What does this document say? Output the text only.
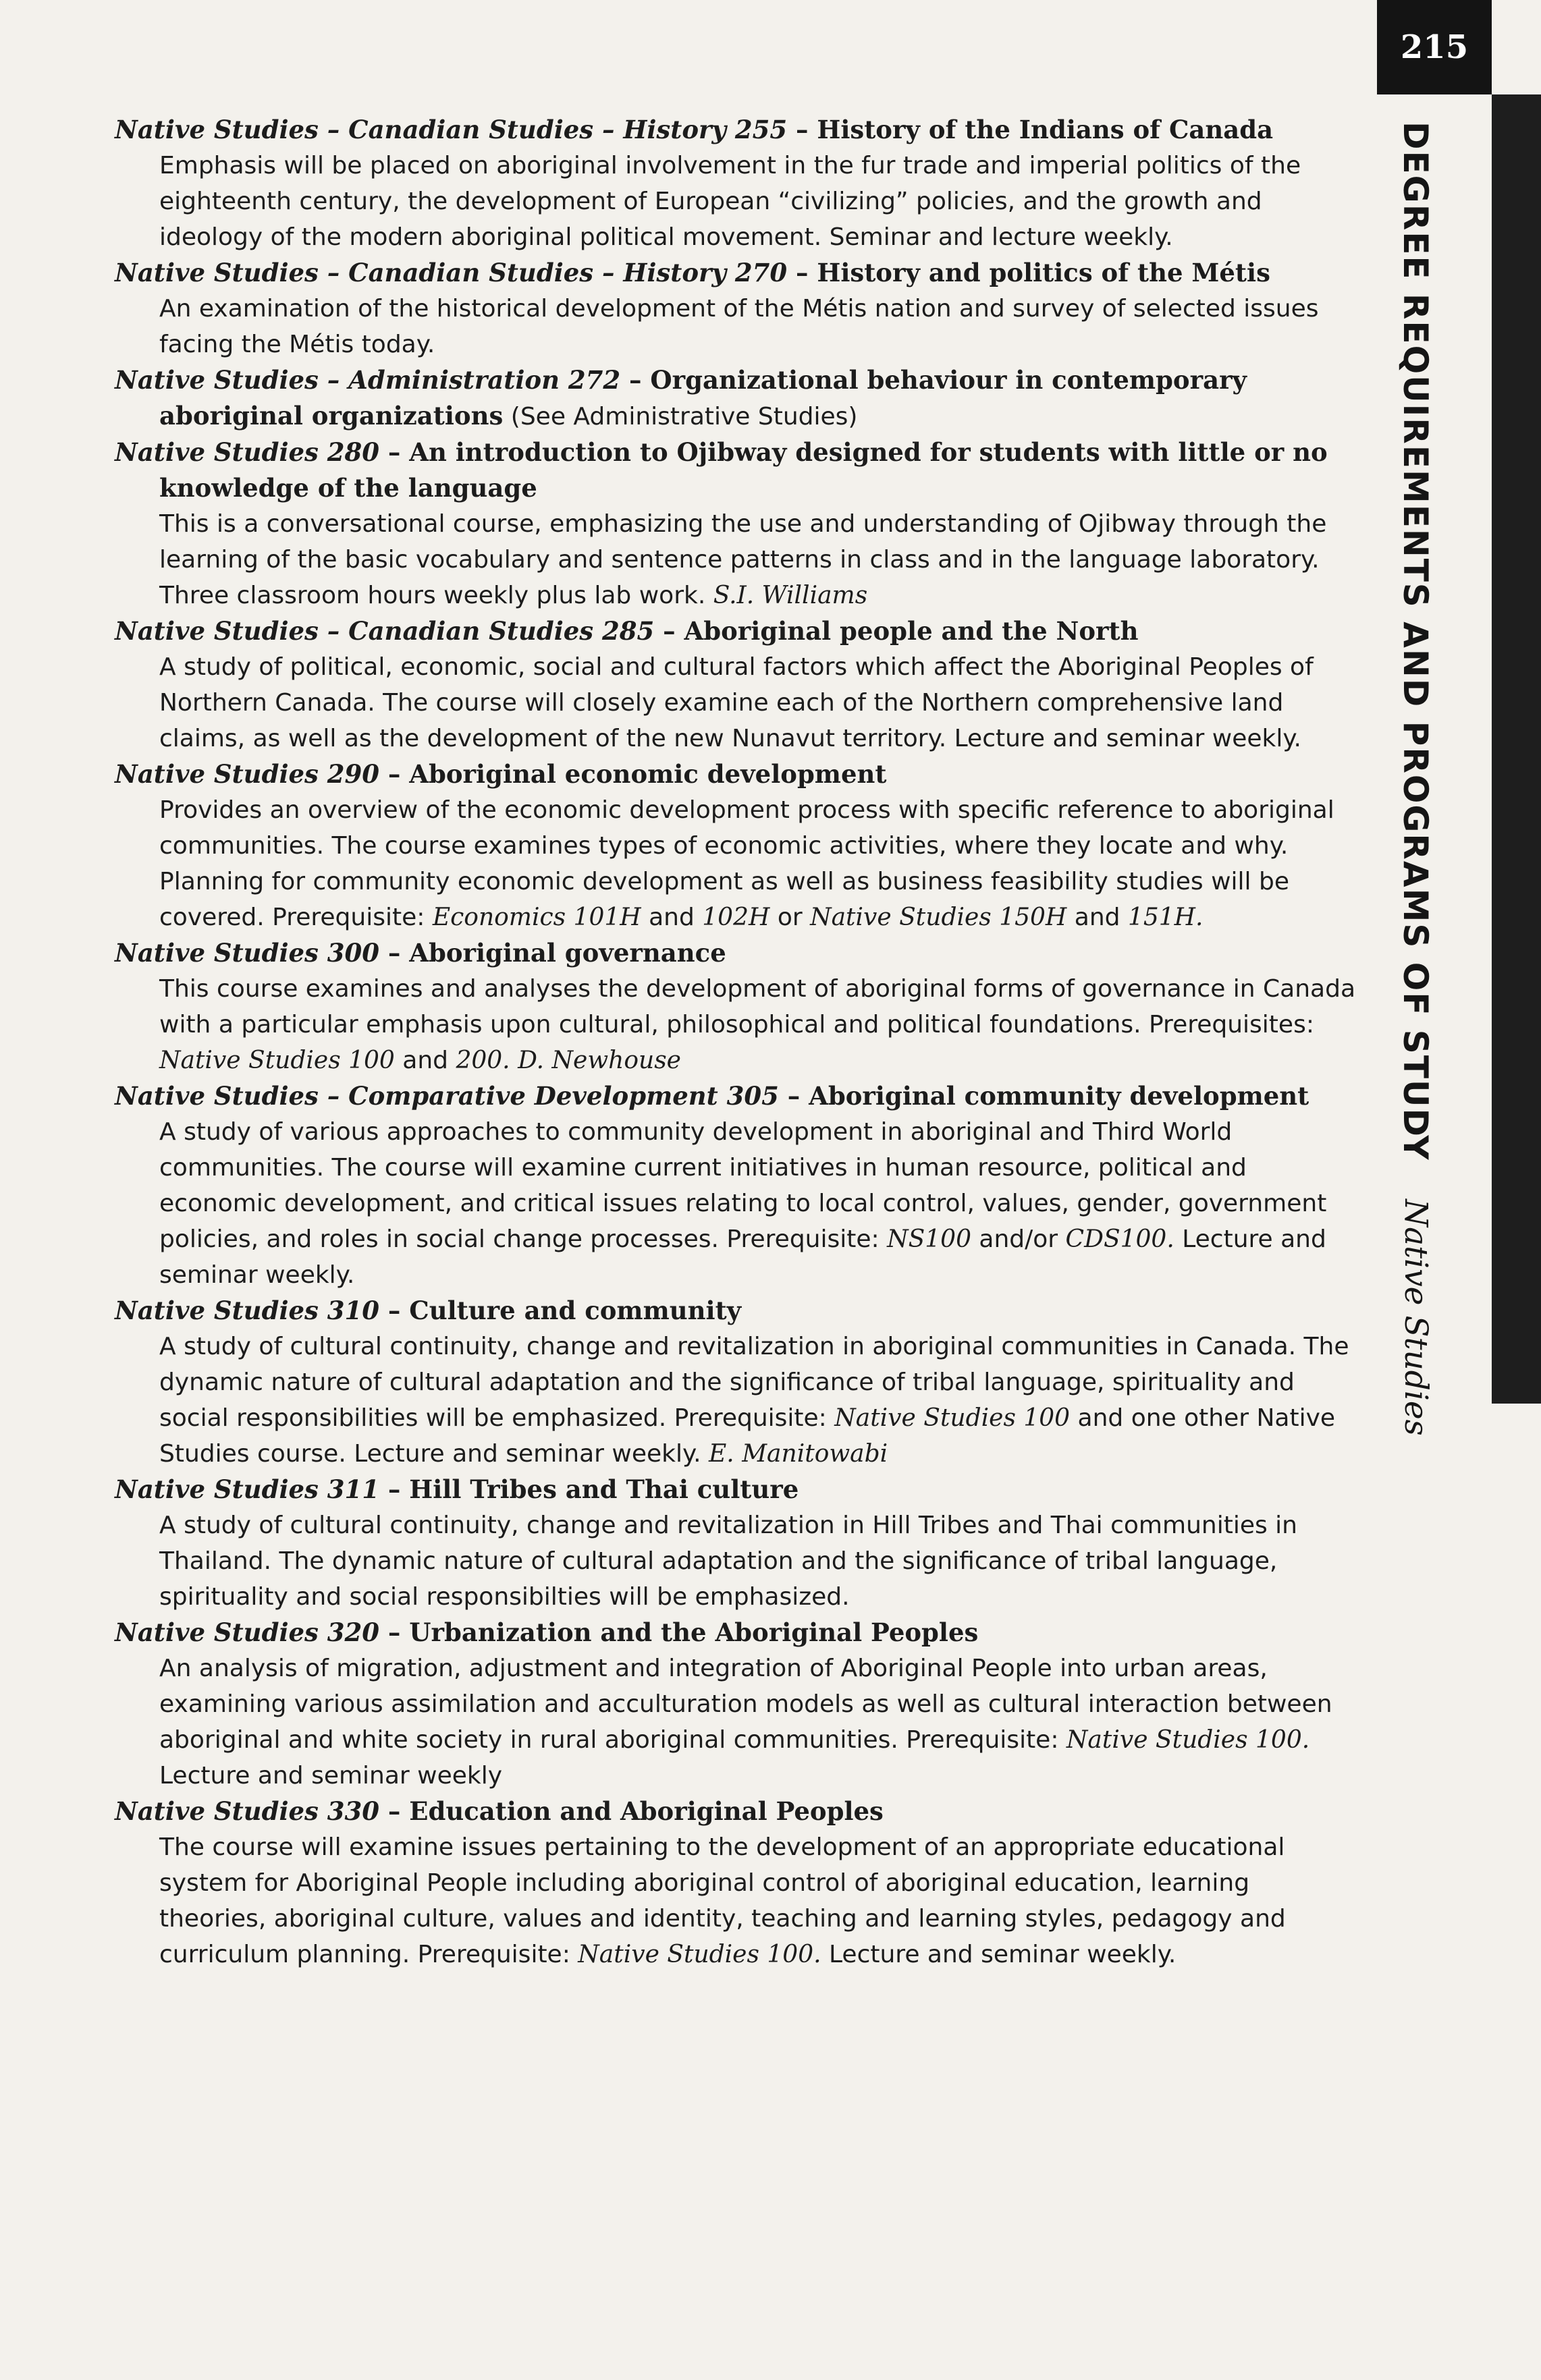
215
DEGREE REQUIREMENTS AND PROGRAMS OF STUDY Native Studies
Native Studies – Canadian Studies – History 255 – History of the Indians of Canada
Emphasis will be placed on aboriginal involvement in the fur trade and imperial politics of the eighteenth century, the development of European “civilizing” policies, and the growth and ideology of the modern aboriginal political movement. Seminar and lecture weekly.
Native Studies – Canadian Studies – History 270 – History and politics of the Métis
An examination of the historical development of the Métis nation and survey of selected issues facing the Métis today.
Native Studies – Administration 272 – Organizational behaviour in contemporary aboriginal organizations (See Administrative Studies)
Native Studies 280 – An introduction to Ojibway designed for students with little or no knowledge of the language
This is a conversational course, emphasizing the use and understanding of Ojibway through the learning of the basic vocabulary and sentence patterns in class and in the language laboratory. Three classroom hours weekly plus lab work. S.I. Williams
Native Studies – Canadian Studies 285 – Aboriginal people and the North
A study of political, economic, social and cultural factors which affect the Aboriginal Peoples of Northern Canada. The course will closely examine each of the Northern comprehensive land claims, as well as the development of the new Nunavut territory. Lecture and seminar weekly.
Native Studies 290 – Aboriginal economic development
Provides an overview of the economic development process with specific reference to aboriginal communities. The course examines types of economic activities, where they locate and why. Planning for community economic development as well as business feasibility studies will be covered. Prerequisite: Economics 101H and 102H or Native Studies 150H and 151H.
Native Studies 300 – Aboriginal governance
This course examines and analyses the development of aboriginal forms of governance in Canada with a particular emphasis upon cultural, philosophical and political foundations. Prerequisites: Native Studies 100 and 200. D. Newhouse
Native Studies – Comparative Development 305 – Aboriginal community development
A study of various approaches to community development in aboriginal and Third World communities. The course will examine current initiatives in human resource, political and economic development, and critical issues relating to local control, values, gender, government policies, and roles in social change processes. Prerequisite: NS100 and/or CDS100. Lecture and seminar weekly.
Native Studies 310 – Culture and community
A study of cultural continuity, change and revitalization in aboriginal communities in Canada. The dynamic nature of cultural adaptation and the significance of tribal language, spirituality and social responsibilities will be emphasized. Prerequisite: Native Studies 100 and one other Native Studies course. Lecture and seminar weekly. E. Manitowabi
Native Studies 311 – Hill Tribes and Thai culture
A study of cultural continuity, change and revitalization in Hill Tribes and Thai communities in Thailand. The dynamic nature of cultural adaptation and the significance of tribal language, spirituality and social responsibilties will be emphasized.
Native Studies 320 – Urbanization and the Aboriginal Peoples
An analysis of migration, adjustment and integration of Aboriginal People into urban areas, examining various assimilation and acculturation models as well as cultural interaction between aboriginal and white society in rural aboriginal communities. Prerequisite: Native Studies 100. Lecture and seminar weekly
Native Studies 330 – Education and Aboriginal Peoples
The course will examine issues pertaining to the development of an appropriate educational system for Aboriginal People including aboriginal control of aboriginal education, learning theories, aboriginal culture, values and identity, teaching and learning styles, pedagogy and curriculum planning. Prerequisite: Native Studies 100. Lecture and seminar weekly.
